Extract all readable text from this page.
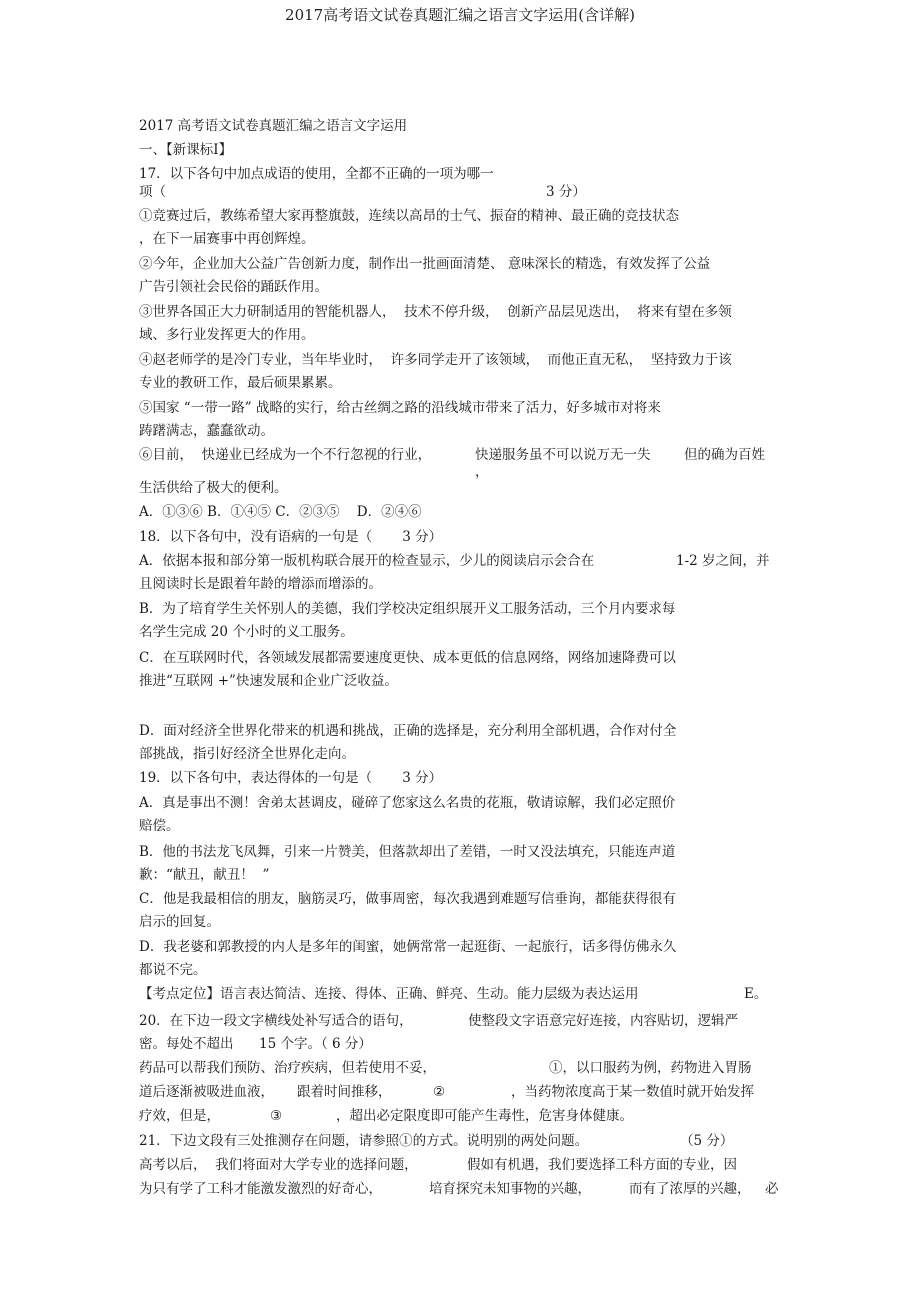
2017高考语文试卷真题汇编之语言文字运用(含详解)
2017 高考语文试卷真题汇编之语言文字运用
一、【新课标Ⅰ】
17．以下各句中加点成语的使用，全都不正确的一项为哪一
项（	3 分）
①竞赛过后，教练希望大家再整旗鼓，连续以高昂的士气、振奋的精神、最正确的竞技状态
，在下一届赛事中再创辉煌。
②今年，企业加大公益广告创新力度，制作出一批画面清楚、 意味深长的精选，有效发挥了公益
广告引领社会民俗的踊跃作用。
③世界各国正大力研制适用的智能机器人，  技术不停升级，  创新产品层见迭出，  将来有望在多领
域、多行业发挥更大的作用。
④赵老师学的是冷门专业，当年毕业时，  许多同学走开了该领域，  而他正直无私，  坚持致力于该
专业的教研工作，最后硕果累累。
⑤国家 “一带一路” 战略的实行，给古丝绸之路的沿线城市带来了活力，好多城市对将来
踌躇满志，蠢蠢欲动。
⑥目前，  快递业已经成为一个不行忽视的行业，	快递服务虽不可以说万无一失 但的确为百姓
，
生活供给了极大的便利。
A．①③⑥ B．①④⑤ C．②③⑤    D．②④⑥
18．以下各句中，没有语病的一句是（       3 分）
A．依据本报和部分第一版机构联合展开的检查显示，少儿的阅读启示会合在	1-2 岁之间，并
且阅读时长是跟着年龄的增添而增添的。
B．为了培育学生关怀别人的美德，我们学校决定组织展开义工服务活动，三个月内要求每
名学生完成 20 个小时的义工服务。
C．在互联网时代，各领域发展都需要速度更快、成本更低的信息网络，网络加速降费可以
推进“互联网 +”快速发展和企业广泛收益。
D．面对经济全世界化带来的机遇和挑战，正确的选择是，充分利用全部机遇，合作对付全
部挑战，指引好经济全世界化走向。
19．以下各句中，表达得体的一句是（       3 分）
A．真是事出不测！舍弟太甚调皮，碰碎了您家这么名贵的花瓶，敬请谅解，我们必定照价
赔偿。
B．他的书法龙飞凤舞，引来一片赞美，但落款却出了差错，一时又没法填充，只能连声道
歉：“献丑，献丑！  ”
C．他是我最相信的朋友，脑筋灵巧，做事周密，每次我遇到难题写信垂询，都能获得很有
启示的回复。
D．我老婆和郭教授的内人是多年的闺蜜，她俩常常一起逛街、一起旅行，话多得仿佛永久
都说不完。
【考点定位】语言表达简洁、连接、得体、正确、鲜亮、生动。能力层级为表达运用	E。
20．在下边一段文字横线处补写适合的语句，	使整段文字语意完好连接，内容贴切，逻辑严
密。每处不超出 15 个字。（ 6 分）
药品可以帮我们预防、治疗疾病，但若使用不妥，	①，以口服药为例，药物进入胃肠
道后逐渐被吸进血液， 跟着时间推移，	②	，当药物浓度高于某一数值时就开始发挥
疗效，但是，	③	，超出必定限度即可能产生毒性，危害身体健康。
21．下边文段有三处推测存在问题，请参照①的方式。说明别的两处问题。	（5 分）
高考以后，  我们将面对大学专业的选择问题，	假如有机遇，我们要选择工科方面的专业，因
为只有学了工科才能激发激烈的好奇心，	培育探究未知事物的兴趣，	而有了浓厚的兴趣， 必
